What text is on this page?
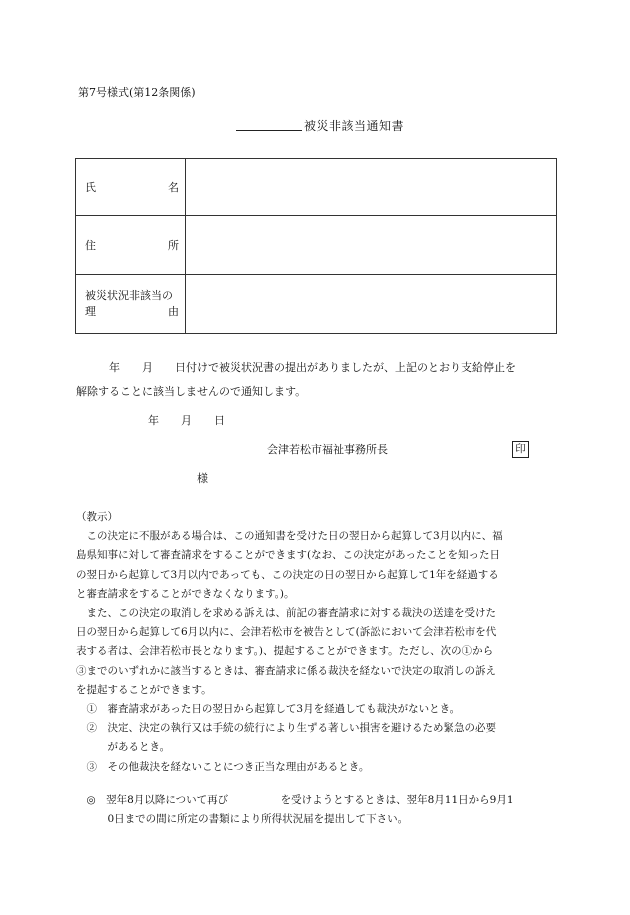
第7号様式(第12条関係)
被災非該当通知書
氏 名	

住 所	

被災状況非該当の
理 由	

　　　年　　月　　日付けで被災状況書の提出がありましたが、上記のとおり支給停止を
解除することに該当しませんので通知します。
年　　月　　日
会津若松市福祉事務所長	印
様

（教示）

　この決定に不服がある場合は、この通知書を受けた日の翌日から起算して3月以内に、福

島県知事に対して審査請求をすることができます(なお、この決定があったことを知った日

の翌日から起算して3月以内であっても、この決定の日の翌日から起算して1年を経過する

と審査請求をすることができなくなります。)。

　また、この決定の取消しを求める訴えは、前記の審査請求に対する裁決の送達を受けた

日の翌日から起算して6月以内に、会津若松市を被告として(訴訟において会津若松市を代

表する者は、会津若松市長となります。)、提起することができます。ただし、次の①から

③までのいずれかに該当するときは、審査請求に係る裁決を経ないで決定の取消しの訴え

を提起することができます。

　①　審査請求があった日の翌日から起算して3月を経過しても裁決がないとき。

　②　決定、決定の執行又は手続の続行により生ずる著しい損害を避けるため緊急の必要

　　　があるとき。

　③　その他裁決を経ないことにつき正当な理由があるとき。

　◎　翌年8月以降について再び　　　　　を受けようとするときは、翌年8月11日から9月1

　　　0日までの間に所定の書類により所得状況届を提出して下さい。
